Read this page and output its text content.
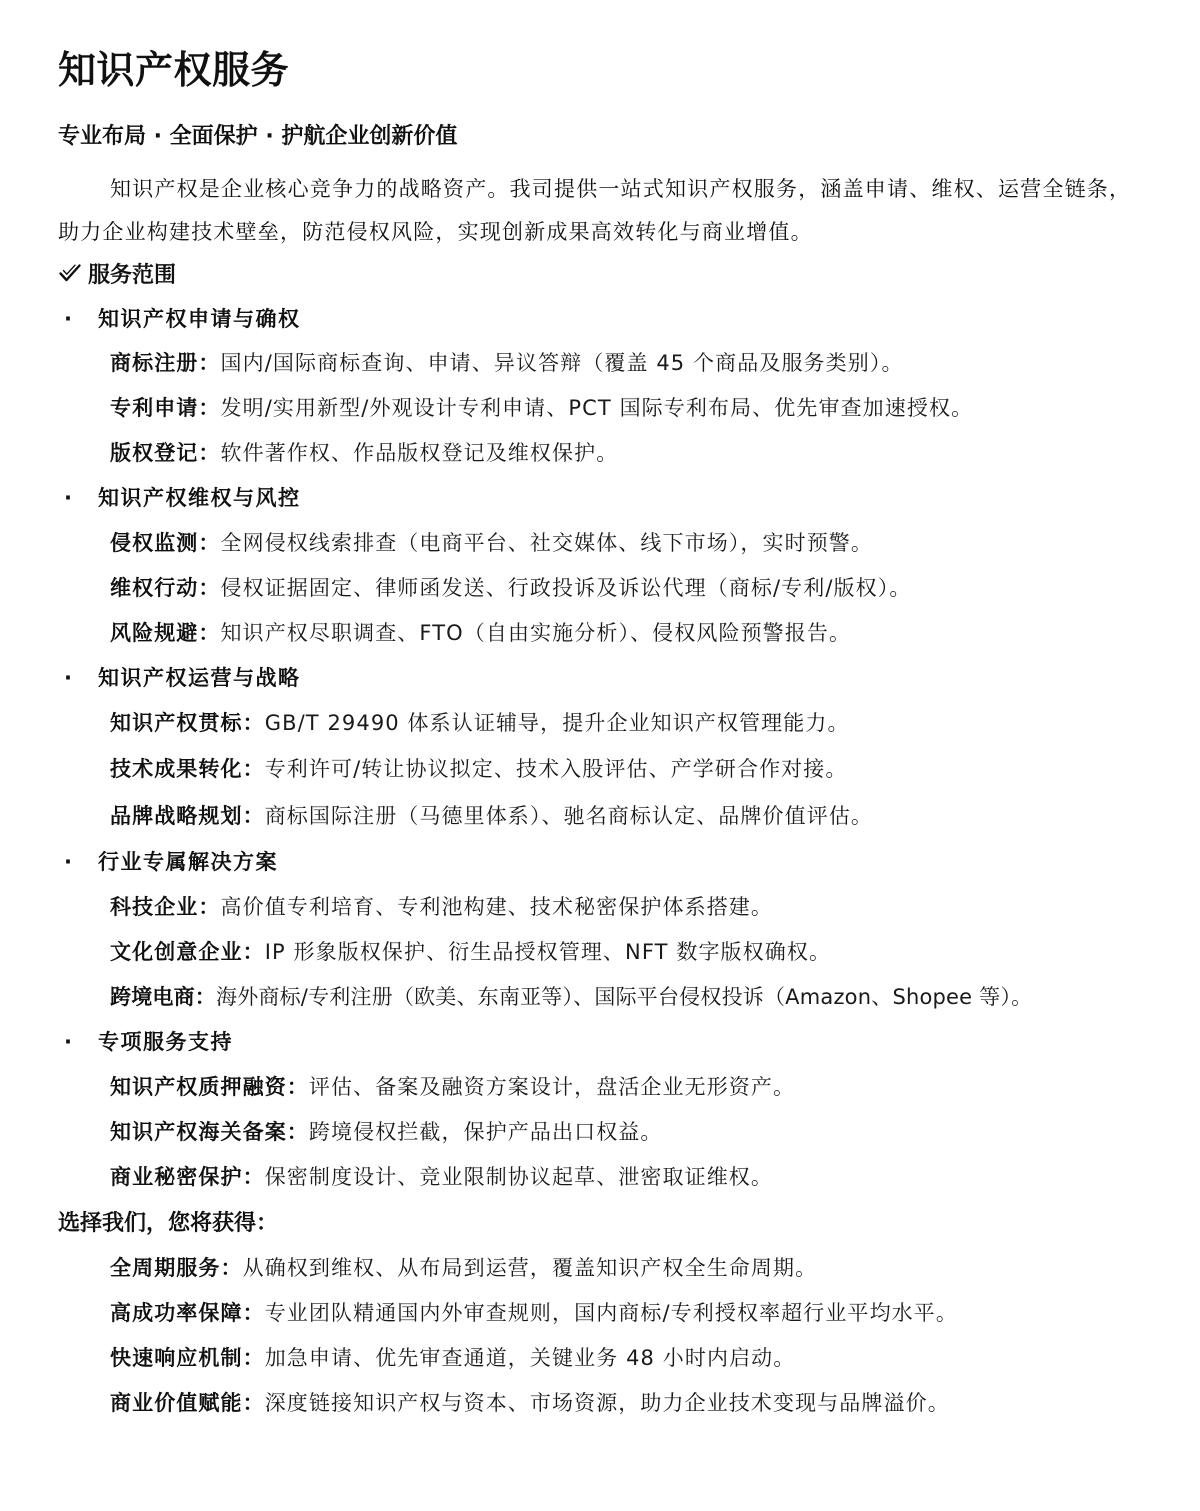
知识产权服务
专业布局 · 全面保护 · 护航企业创新价值
知识产权是企业核心竞争力的战略资产。我司提供一站式知识产权服务，涵盖申请、维权、运营全链条，助力企业构建技术壁垒，防范侵权风险，实现创新成果高效转化与商业增值。
服务范围
· 知识产权申请与确权
商标注册：国内/国际商标查询、申请、异议答辩（覆盖 45 个商品及服务类别）。
专利申请：发明/实用新型/外观设计专利申请、PCT 国际专利布局、优先审查加速授权。
版权登记：软件著作权、作品版权登记及维权保护。
· 知识产权维权与风控
侵权监测：全网侵权线索排查（电商平台、社交媒体、线下市场），实时预警。
维权行动：侵权证据固定、律师函发送、行政投诉及诉讼代理（商标/专利/版权）。
风险规避：知识产权尽职调查、FTO（自由实施分析）、侵权风险预警报告。
· 知识产权运营与战略
知识产权贯标：GB/T 29490 体系认证辅导，提升企业知识产权管理能力。
技术成果转化：专利许可/转让协议拟定、技术入股评估、产学研合作对接。
品牌战略规划：商标国际注册（马德里体系）、驰名商标认定、品牌价值评估。
· 行业专属解决方案
科技企业：高价值专利培育、专利池构建、技术秘密保护体系搭建。
文化创意企业：IP 形象版权保护、衍生品授权管理、NFT 数字版权确权。
跨境电商：海外商标/专利注册（欧美、东南亚等）、国际平台侵权投诉（Amazon、Shopee 等）。
· 专项服务支持
知识产权质押融资：评估、备案及融资方案设计，盘活企业无形资产。
知识产权海关备案：跨境侵权拦截，保护产品出口权益。
商业秘密保护：保密制度设计、竞业限制协议起草、泄密取证维权。
选择我们，您将获得：
全周期服务：从确权到维权、从布局到运营，覆盖知识产权全生命周期。
高成功率保障：专业团队精通国内外审查规则，国内商标/专利授权率超行业平均水平。
快速响应机制：加急申请、优先审查通道，关键业务 48 小时内启动。
商业价值赋能：深度链接知识产权与资本、市场资源，助力企业技术变现与品牌溢价。
